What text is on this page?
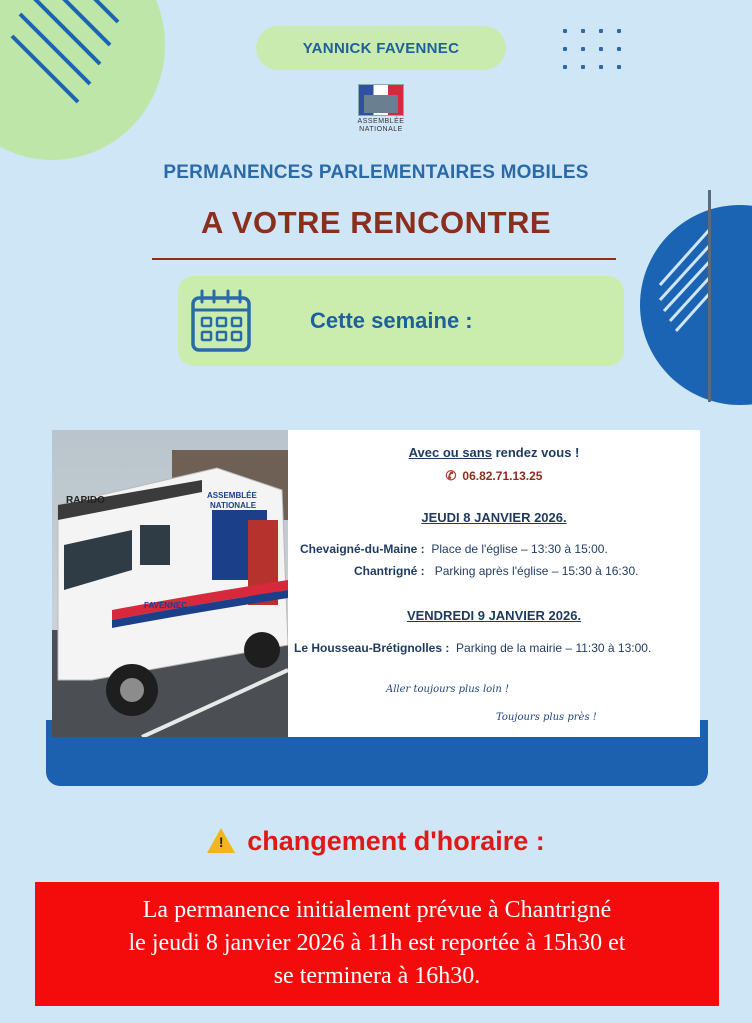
YANNICK FAVENNEC
ASSEMBLÉE
NATIONALE
PERMANENCES PARLEMENTAIRES MOBILES
A VOTRE RENCONTRE
Cette semaine :
RAPIDO	ASSEMBLÉE
NATIONALE
FAVENNEC
Avec ou sans rendez vous !
✆ 06.82.71.13.25
JEUDI 8 JANVIER 2026.
Chevaigné-du-Maine : Place de l'église – 13:30 à 15:00.
Chantrigné : Parking après l'église – 15:30 à 16:30.
VENDREDI 9 JANVIER 2026.
Le Housseau-Brétignolles : Parking de la mairie – 11:30 à 13:00.
Aller toujours plus loin !
Toujours plus près !
! changement d'horaire :
La permanence initialement prévue à Chantrigné
le jeudi 8 janvier 2026 à 11h est reportée à 15h30 et
se terminera à 16h30.
